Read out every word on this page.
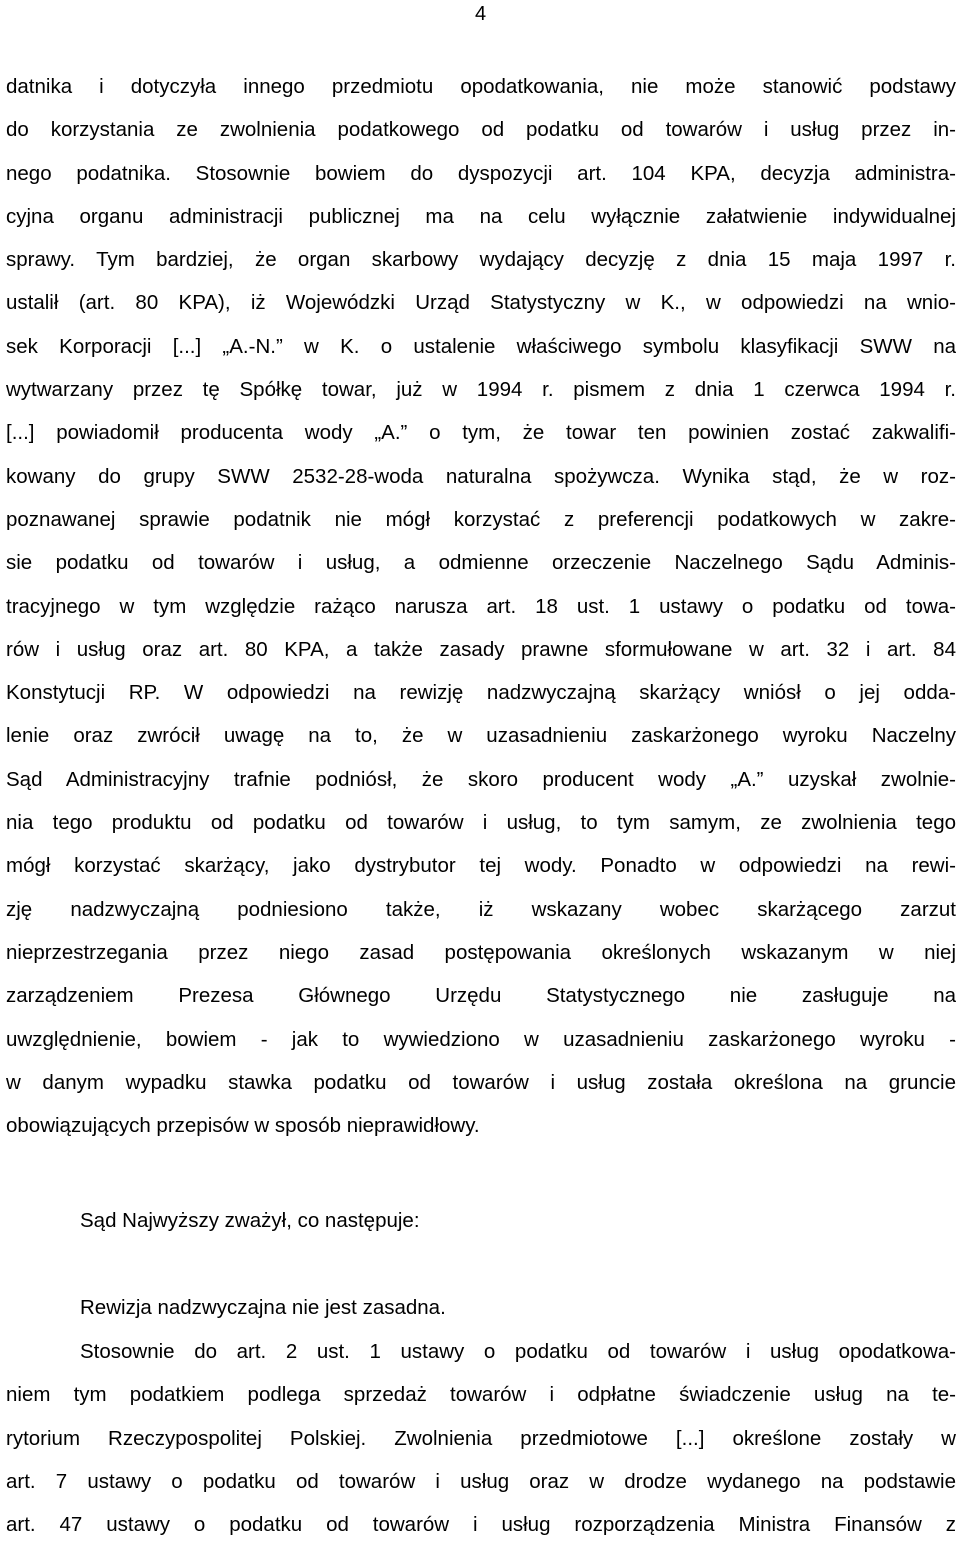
4
datnika i dotyczyła innego przedmiotu opodatkowania, nie może stanowić podstawy
do korzystania ze zwolnienia podatkowego od podatku od towarów i usług przez in-
nego podatnika. Stosownie bowiem do dyspozycji art. 104 KPA, decyzja administra-
cyjna organu administracji publicznej ma na celu wyłącznie załatwienie indywidualnej
sprawy. Tym bardziej, że organ skarbowy wydający decyzję z dnia 15 maja 1997 r.
ustalił (art. 80 KPA), iż Wojewódzki Urząd Statystyczny w K., w odpowiedzi na wnio-
sek Korporacji [...] „A.-N.” w K. o ustalenie właściwego symbolu klasyfikacji SWW na
wytwarzany przez tę Spółkę towar, już w 1994 r. pismem z dnia 1 czerwca 1994 r.
[...] powiadomił producenta wody „A.” o tym, że towar ten powinien zostać zakwalifi-
kowany do grupy SWW 2532-28-woda naturalna spożywcza. Wynika stąd, że w roz-
poznawanej sprawie podatnik nie mógł korzystać z preferencji podatkowych w zakre-
sie podatku od towarów i usług, a odmienne orzeczenie Naczelnego Sądu Adminis-
tracyjnego w tym względzie rażąco narusza art. 18 ust. 1 ustawy o podatku od towa-
rów i usług oraz art. 80 KPA, a także zasady prawne sformułowane w art. 32 i art. 84
Konstytucji RP. W odpowiedzi na rewizję nadzwyczajną skarżący wniósł o jej odda-
lenie oraz zwrócił uwagę na to, że w uzasadnieniu zaskarżonego wyroku Naczelny
Sąd Administracyjny trafnie podniósł, że skoro producent wody „A.” uzyskał zwolnie-
nia tego produktu od podatku od towarów i usług, to tym samym, ze zwolnienia tego
mógł korzystać skarżący, jako dystrybutor tej wody. Ponadto w odpowiedzi na rewi-
zję nadzwyczajną podniesiono także, iż wskazany wobec skarżącego zarzut
nieprzestrzegania przez niego zasad postępowania określonych wskazanym w niej
zarządzeniem Prezesa Głównego Urzędu Statystycznego nie zasługuje na
uwzględnienie, bowiem - jak to wywiedziono w uzasadnieniu zaskarżonego wyroku -
w danym wypadku stawka podatku od towarów i usług została określona na gruncie
obowiązujących przepisów w sposób nieprawidłowy.
Sąd Najwyższy zważył, co następuje:
Rewizja nadzwyczajna nie jest zasadna.
Stosownie do art. 2 ust. 1 ustawy o podatku od towarów i usług opodatkowa-
niem tym podatkiem podlega sprzedaż towarów i odpłatne świadczenie usług na te-
rytorium Rzeczypospolitej Polskiej. Zwolnienia przedmiotowe [...] określone zostały w
art. 7 ustawy o podatku od towarów i usług oraz w drodze wydanego na podstawie
art. 47 ustawy o podatku od towarów i usług rozporządzenia Ministra Finansów z
